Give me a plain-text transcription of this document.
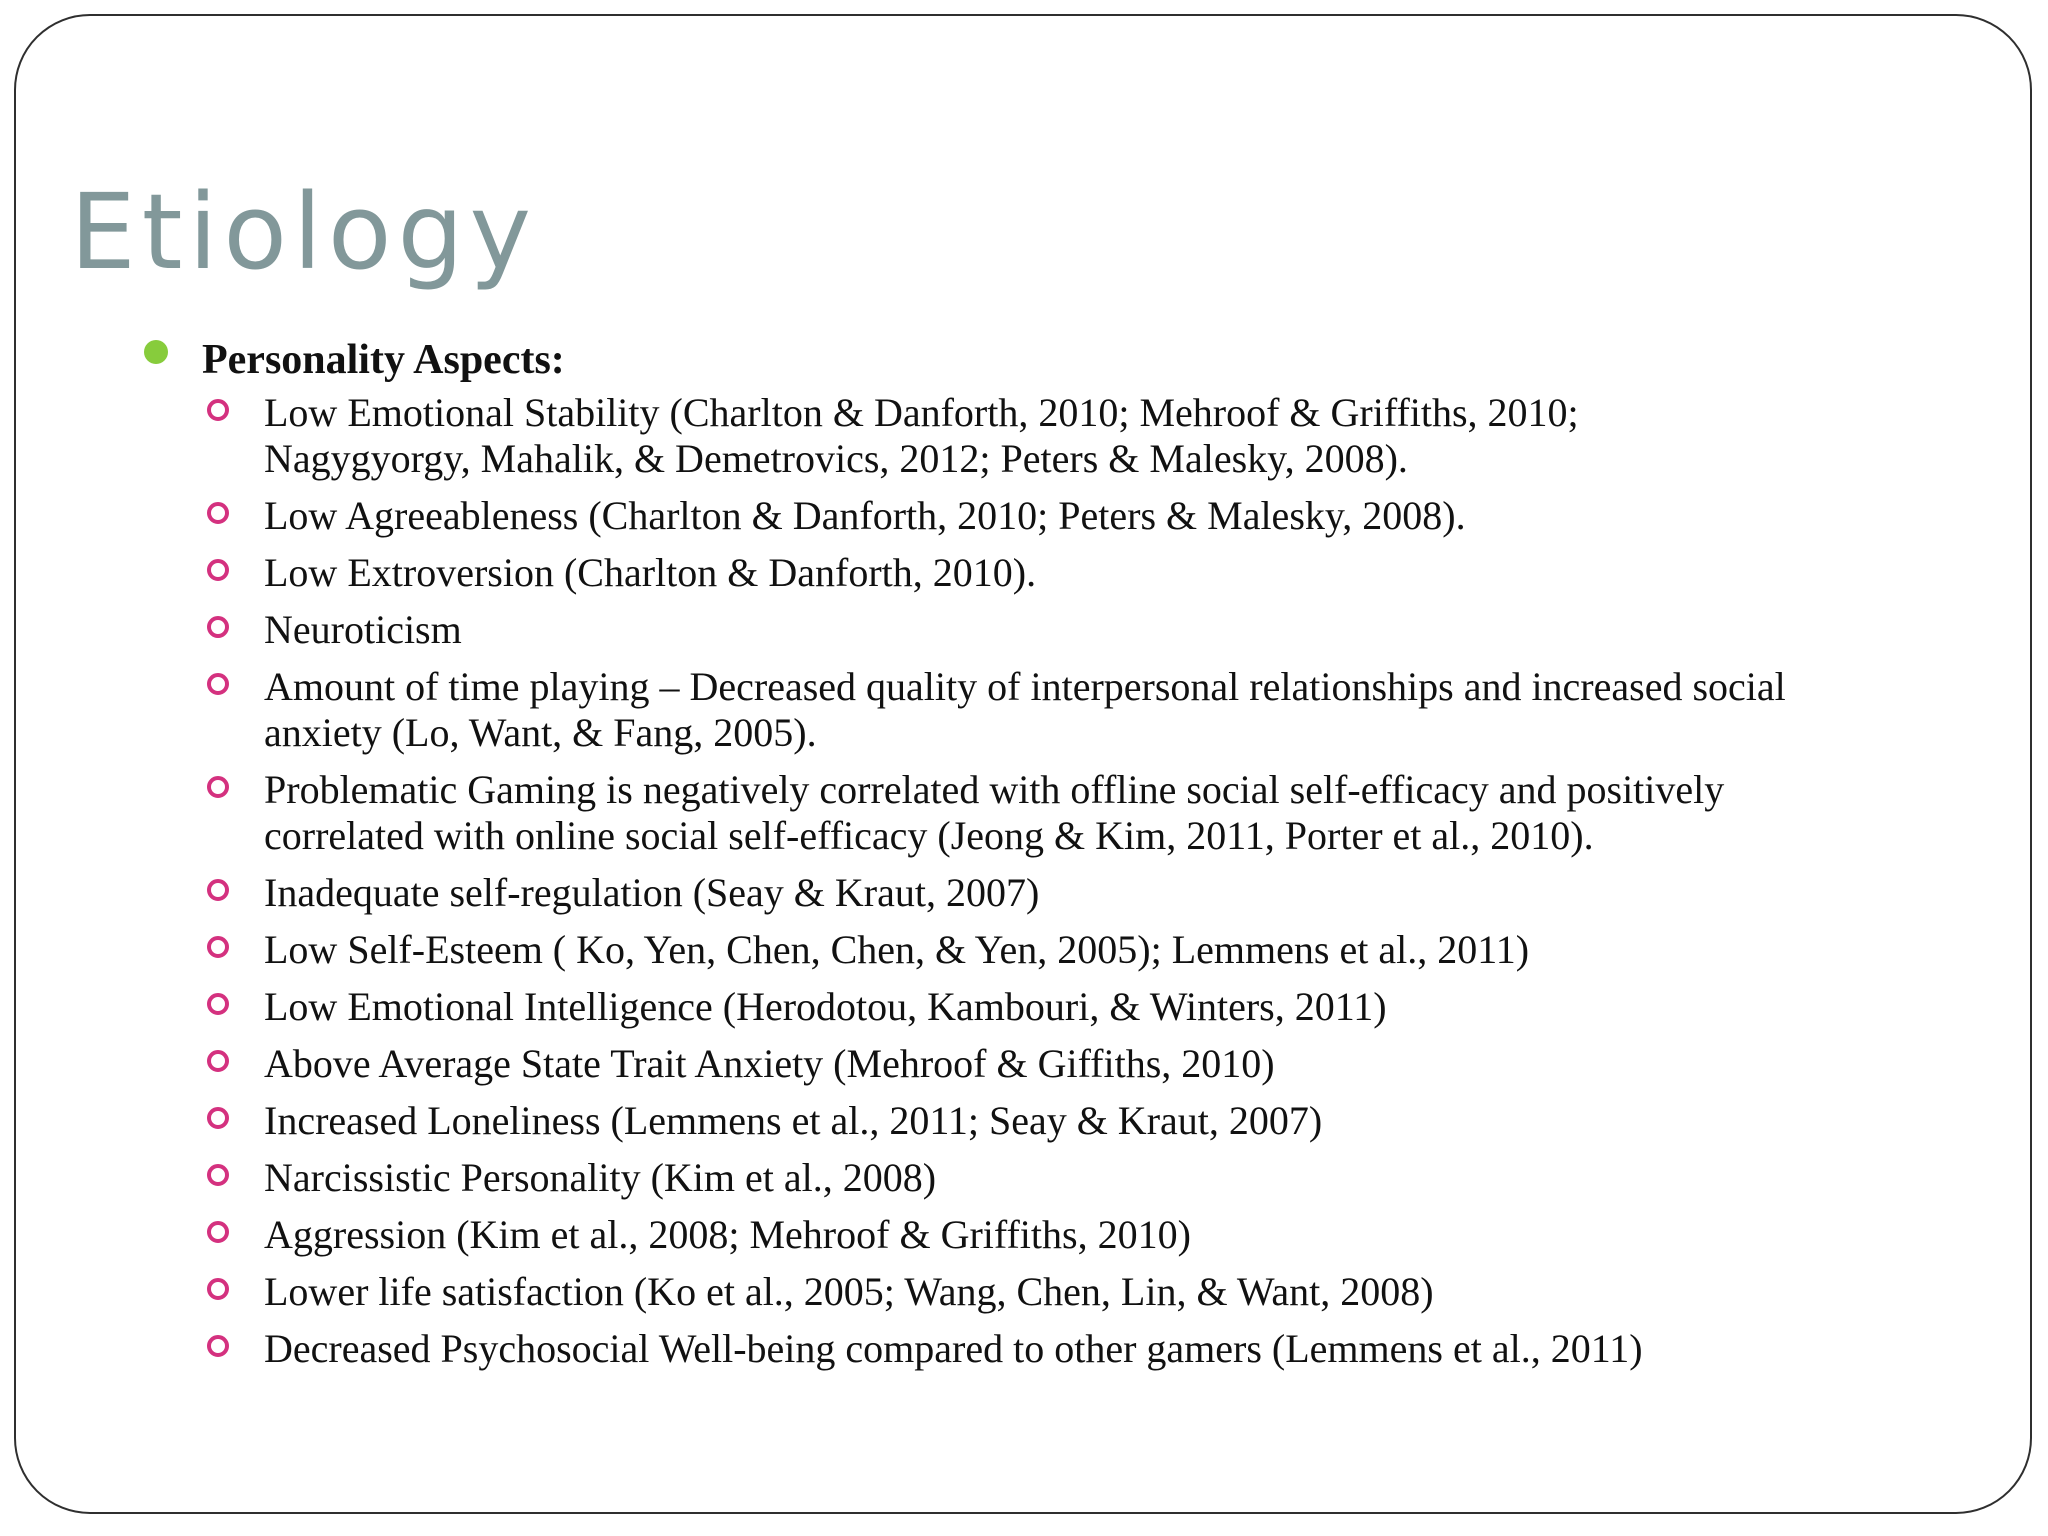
Etiology
Personality Aspects:
Low Emotional Stability (Charlton & Danforth, 2010; Mehroof & Griffiths, 2010;
Nagygyorgy, Mahalik, & Demetrovics, 2012; Peters & Malesky, 2008).
Low Agreeableness (Charlton & Danforth, 2010; Peters & Malesky, 2008).
Low Extroversion (Charlton & Danforth, 2010).
Neuroticism
Amount of time playing – Decreased quality of interpersonal relationships and increased social
anxiety (Lo, Want, & Fang, 2005).
Problematic Gaming is negatively correlated with offline social self-efficacy and positively
correlated with online social self-efficacy (Jeong & Kim, 2011, Porter et al., 2010).
Inadequate self-regulation (Seay & Kraut, 2007)
Low Self-Esteem ( Ko, Yen, Chen, Chen, & Yen, 2005); Lemmens et al., 2011)
Low Emotional Intelligence (Herodotou, Kambouri, & Winters, 2011)
Above Average State Trait Anxiety (Mehroof & Giffiths, 2010)
Increased Loneliness (Lemmens et al., 2011; Seay & Kraut, 2007)
Narcissistic Personality (Kim et al., 2008)
Aggression (Kim et al., 2008; Mehroof & Griffiths, 2010)
Lower life satisfaction (Ko et al., 2005; Wang, Chen, Lin, & Want, 2008)
Decreased Psychosocial Well-being compared to other gamers (Lemmens et al., 2011)
